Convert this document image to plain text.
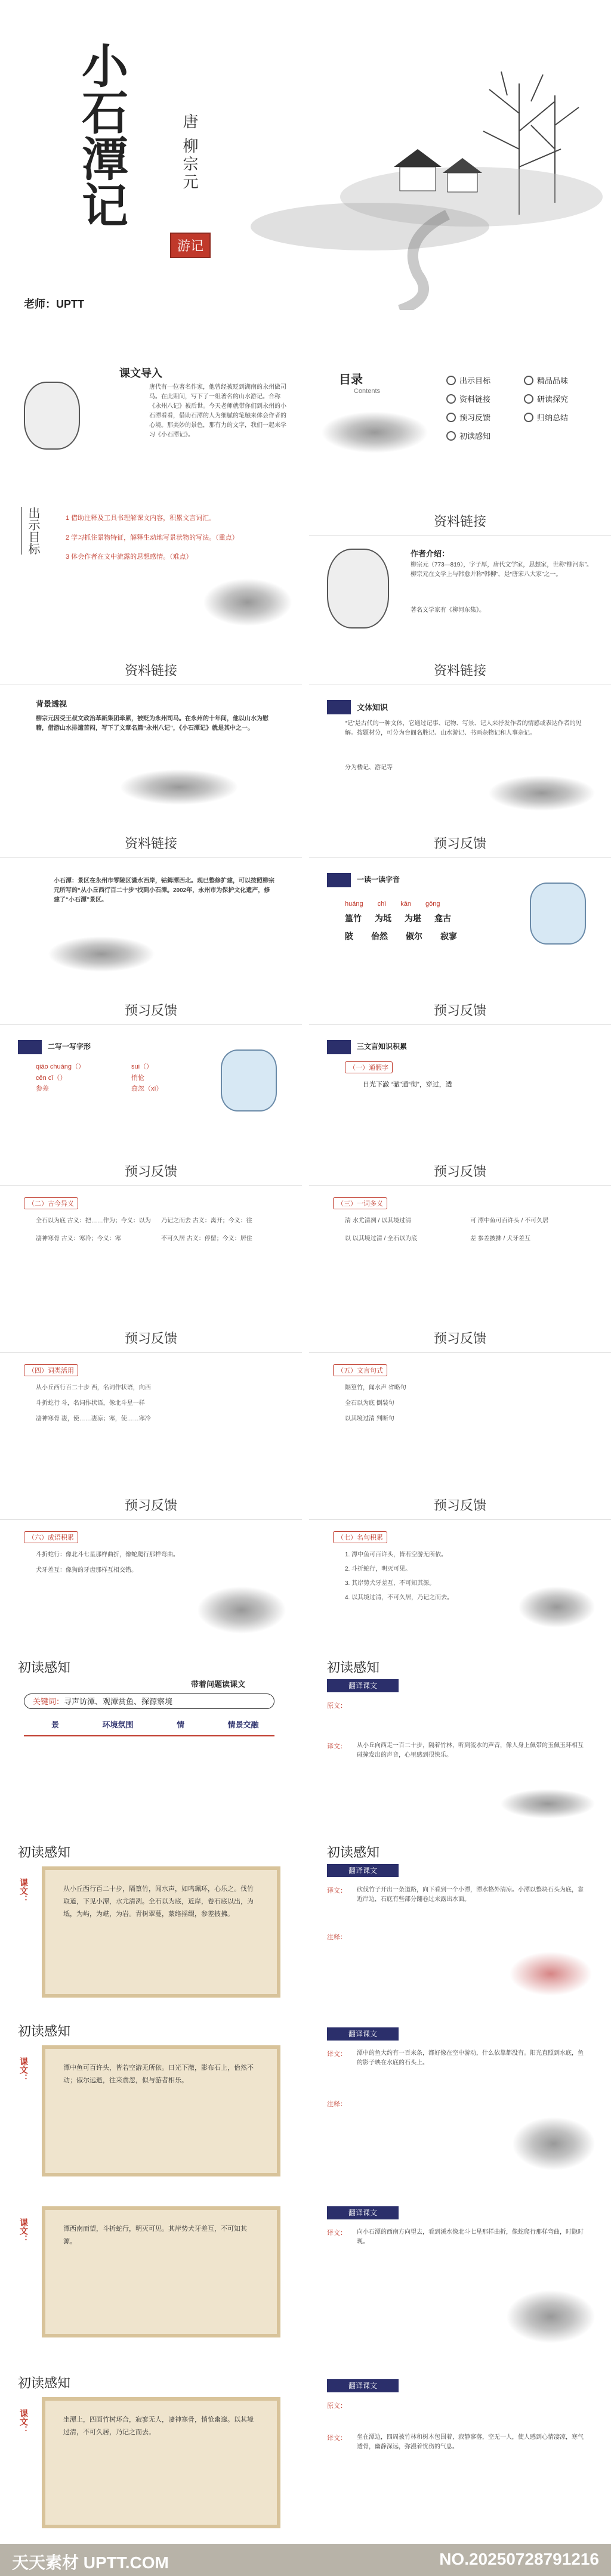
小石潭记	唐 柳宗元
游记
老师：UPTT
课文导入
唐代有一位著名作家，他曾经被贬到湖南的永州做司马。在此期间，写下了一组著名的山水游记。合称《永州八记》被后世。今天老师就带你们到永州的小石潭看看，借助石潭的人为细腻的笔触来体会作者的心境。那美妙的景色，那有力的文字，我们一起来学习《小石潭记》。
出示目标	1 借助注释及工具书理解课文内容，积累文言词汇。
2 学习抓住景物特征，解释生动地写景状物的写法。（重点）
3 体会作者在文中流露的思想感情。（难点）
目录
Contents
出示目标	精品品味
资料链接	研读探究
预习反馈	归纳总结
初读感知
资料链接
作者介绍：
柳宗元（773—819），字子厚，唐代文学家，思想家，世称“柳河东”。柳宗元在文学上与韩愈并称“韩柳”，是“唐宋八大家”之一。
著名文学家有《柳河东集》。
资料链接
背景透视
柳宗元因受王叔文政治革新集团牵累，被贬为永州司马。在永州的十年间，他以山水为慰藉，借游山水排遣苦闷，写下了文章名篇“永州八记”，《小石潭记》就是其中之一。
资料链接
文体知识
“记”是古代的一种文体，它通过记事、记物、写景、记人来抒发作者的情感或表达作者的见解。按题材分，可分为台阁名胜记、山水游记、书画杂物记和人事杂记。
分为楼记、游记等
资料链接
小石潭：景区在永州市零陵区潇水西岸，钴鉧潭西北。现已整修扩建，可以按照柳宗元所写的“从小丘西行百二十步”找到小石潭。2002年，永州市为保护文化遗产，修建了“小石潭”景区。
预习反馈
一读一读字音
huáng chì kān gōng
篁竹 为坻 为堪 龛古
陂 佁然 俶尔 寂寥
预习反馈
二写一写字形
qiāo chuàng（）	sui（）
cēn cī（）	悄怆
参差	翕忽（xī）
预习反馈
三文言知识积累
（一）通假字
日光下澈 “澈”通“彻”，穿过，透
预习反馈
（二）古今异义
全石以为底 古义：把……作为；今义：以为	乃记之而去 古义：离开；今义：往
凄神寒骨 古义：寒冷；今义：寒	不可久居 古义：停留；今义：居住
预习反馈
（三）一词多义
清 水尤清冽 / 以其境过清	可 潭中鱼可百许头 / 不可久居
以 以其境过清 / 全石以为底	差 参差披拂 / 犬牙差互
预习反馈
（四）词类活用
从小丘西行百二十步 西，名词作状语，向西
斗折蛇行 斗，名词作状语，像北斗星一样
凄神寒骨 凄，使……凄凉；寒，使……寒冷
预习反馈
（五）文言句式
隔篁竹，闻水声 省略句
全石以为底 倒装句
以其境过清 判断句
预习反馈
（六）成语积累
斗折蛇行：像北斗七星那样曲折，像蛇爬行那样弯曲。
犬牙差互：像狗的牙齿那样互相交错。
预习反馈
（七）名句积累
1. 潭中鱼可百许头，皆若空游无所依。
2. 斗折蛇行，明灭可见。
3. 其岸势犬牙差互，不可知其源。
4. 以其境过清，不可久居，乃记之而去。
初读感知
带着问题读课文
关键词：寻声访潭、观潭赏鱼、探源察境
景	环境氛围	情	情景交融
初读感知
翻译课文
原文：
译文： 从小丘向西走一百二十步，隔着竹林，听到流水的声音，像人身上佩带的玉佩玉环相互碰撞发出的声音，心里感到很快乐。
初读感知
课文：	从小丘西行百二十步，隔篁竹，闻水声，如鸣珮环，心乐之。伐竹取道，下见小潭，水尤清冽。全石以为底，近岸，卷石底以出，为坻，为屿，为嵁，为岩。青树翠蔓，蒙络摇缀，参差披拂。
初读感知
翻译课文
译文： 砍伐竹子开出一条道路，向下看到一个小潭，潭水格外清凉。小潭以整块石头为底，靠近岸边，石底有些部分翻卷过来露出水面。
注释：
初读感知
课文：	潭中鱼可百许头，皆若空游无所依。日光下澈，影布石上，佁然不动；俶尔远逝，往来翕忽，似与游者相乐。
翻译课文
译文： 潭中的鱼大约有一百来条，都好像在空中游动，什么依靠都没有。阳光直照到水底，鱼的影子映在水底的石头上。
注释：
课文：	潭西南而望，斗折蛇行，明灭可见。其岸势犬牙差互，不可知其源。
翻译课文
译文： 向小石潭的西南方向望去，看到溪水像北斗七星那样曲折，像蛇爬行那样弯曲，时隐时现。
初读感知
课文：	坐潭上，四面竹树环合，寂寥无人，凄神寒骨，悄怆幽邃。以其境过清，不可久居，乃记之而去。
翻译课文
原文：
译文： 坐在潭边，四周被竹林和树木包围着，寂静寥落，空无一人，使人感到心情凄凉，寒气透骨，幽静深远，弥漫着忧伤的气息。
天天素材 UPTT.COM	NO.20250728791216
